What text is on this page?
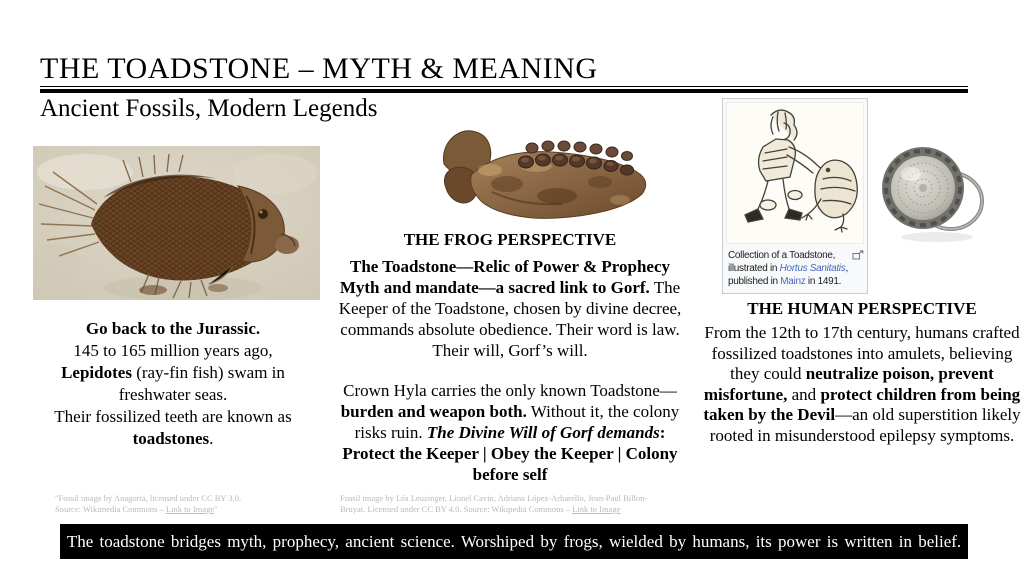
THE TOADSTONE – MYTH & MEANING
Ancient Fossils, Modern Legends
Go back to the Jurassic.
145 to 165 million years ago,
Lepidotes (ray-fin fish) swam in
freshwater seas.
Their fossilized teeth are known as
toadstones.
THE FROG PERSPECTIVE
The Toadstone—Relic of Power & Prophecy
Myth and mandate—a sacred link to Gorf. The Keeper of the Toadstone, chosen by divine decree, commands absolute obedience. Their word is law. Their will, Gorf’s will.
Crown Hyla carries the only known Toadstone—burden and weapon both. Without it, the colony risks ruin. The Divine Will of Gorf demands: Protect the Keeper | Obey the Keeper | Colony before self
Collection of a Toadstone,
illustrated in Hortus Sanitatis,
published in Mainz in 1491.
THE HUMAN PERSPECTIVE
From the 12th to 17th century, humans crafted fossilized toadstones into amulets, believing they could neutralize poison, prevent misfortune, and protect children from being taken by the Devil—an old superstition likely rooted in misunderstood epilepsy symptoms.
"Fossil image by Anagoria, licensed under CC BY 3.0.
Source: Wikimedia Commons – Link to Image"
Fossil image by Léa Leuzinger, Lionel Cavin, Adriana López-Arbarello, Jean-Paul Billon-
Bruyat. Licensed under CC BY 4.0. Source: Wikipedia Commons – Link to Image
The toadstone bridges myth, prophecy, ancient science. Worshiped by frogs, wielded by humans, its power is written in belief.
